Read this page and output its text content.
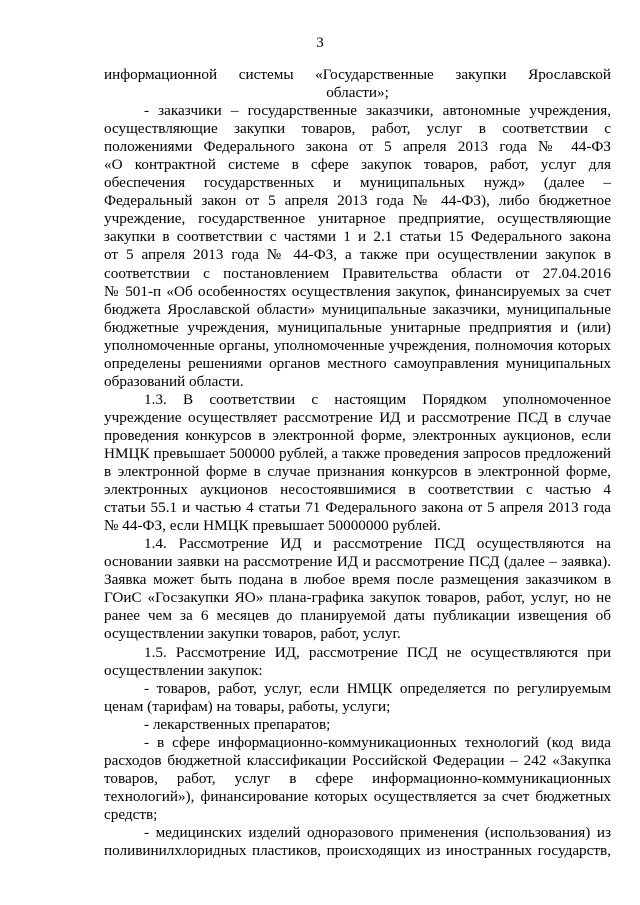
3
информационной системы «Государственные закупки Ярославской
области»;
- заказчики – государственные заказчики, автономные учреждения,
осуществляющие закупки товаров, работ, услуг в соответствии с
положениями Федерального закона от 5 апреля 2013 года № 44-ФЗ
«О контрактной системе в сфере закупок товаров, работ, услуг для
обеспечения государственных и муниципальных нужд» (далее –
Федеральный закон от 5 апреля 2013 года № 44-ФЗ), либо бюджетное
учреждение, государственное унитарное предприятие, осуществляющие
закупки в соответствии с частями 1 и 2.1 статьи 15 Федерального закона
от 5 апреля 2013 года № 44-ФЗ, а также при осуществлении закупок в
соответствии с постановлением Правительства области от 27.04.2016
№ 501-п «Об особенностях осуществления закупок, финансируемых за счет
бюджета Ярославской области» муниципальные заказчики, муниципальные
бюджетные учреждения, муниципальные унитарные предприятия и (или)
уполномоченные органы, уполномоченные учреждения, полномочия которых
определены решениями органов местного самоуправления муниципальных
образований области.
1.3. В соответствии с настоящим Порядком уполномоченное
учреждение осуществляет рассмотрение ИД и рассмотрение ПСД в случае
проведения конкурсов в электронной форме, электронных аукционов, если
НМЦК превышает 500000 рублей, а также проведения запросов предложений
в электронной форме в случае признания конкурсов в электронной форме,
электронных аукционов несостоявшимися в соответствии с частью 4
статьи 55.1 и частью 4 статьи 71 Федерального закона от 5 апреля 2013 года
№ 44-ФЗ, если НМЦК превышает 50000000 рублей.
1.4. Рассмотрение ИД и рассмотрение ПСД осуществляются на
основании заявки на рассмотрение ИД и рассмотрение ПСД (далее – заявка).
Заявка может быть подана в любое время после размещения заказчиком в
ГОиС «Госзакупки ЯО» плана-графика закупок товаров, работ, услуг, но не
ранее чем за 6 месяцев до планируемой даты публикации извещения об
осуществлении закупки товаров, работ, услуг.
1.5. Рассмотрение ИД, рассмотрение ПСД не осуществляются при
осуществлении закупок:
- товаров, работ, услуг, если НМЦК определяется по регулируемым
ценам (тарифам) на товары, работы, услуги;
- лекарственных препаратов;
- в сфере информационно-коммуникационных технологий (код вида
расходов бюджетной классификации Российской Федерации – 242 «Закупка
товаров, работ, услуг в сфере информационно-коммуникационных
технологий»), финансирование которых осуществляется за счет бюджетных
средств;
- медицинских изделий одноразового применения (использования) из
поливинилхлоридных пластиков, происходящих из иностранных государств,
